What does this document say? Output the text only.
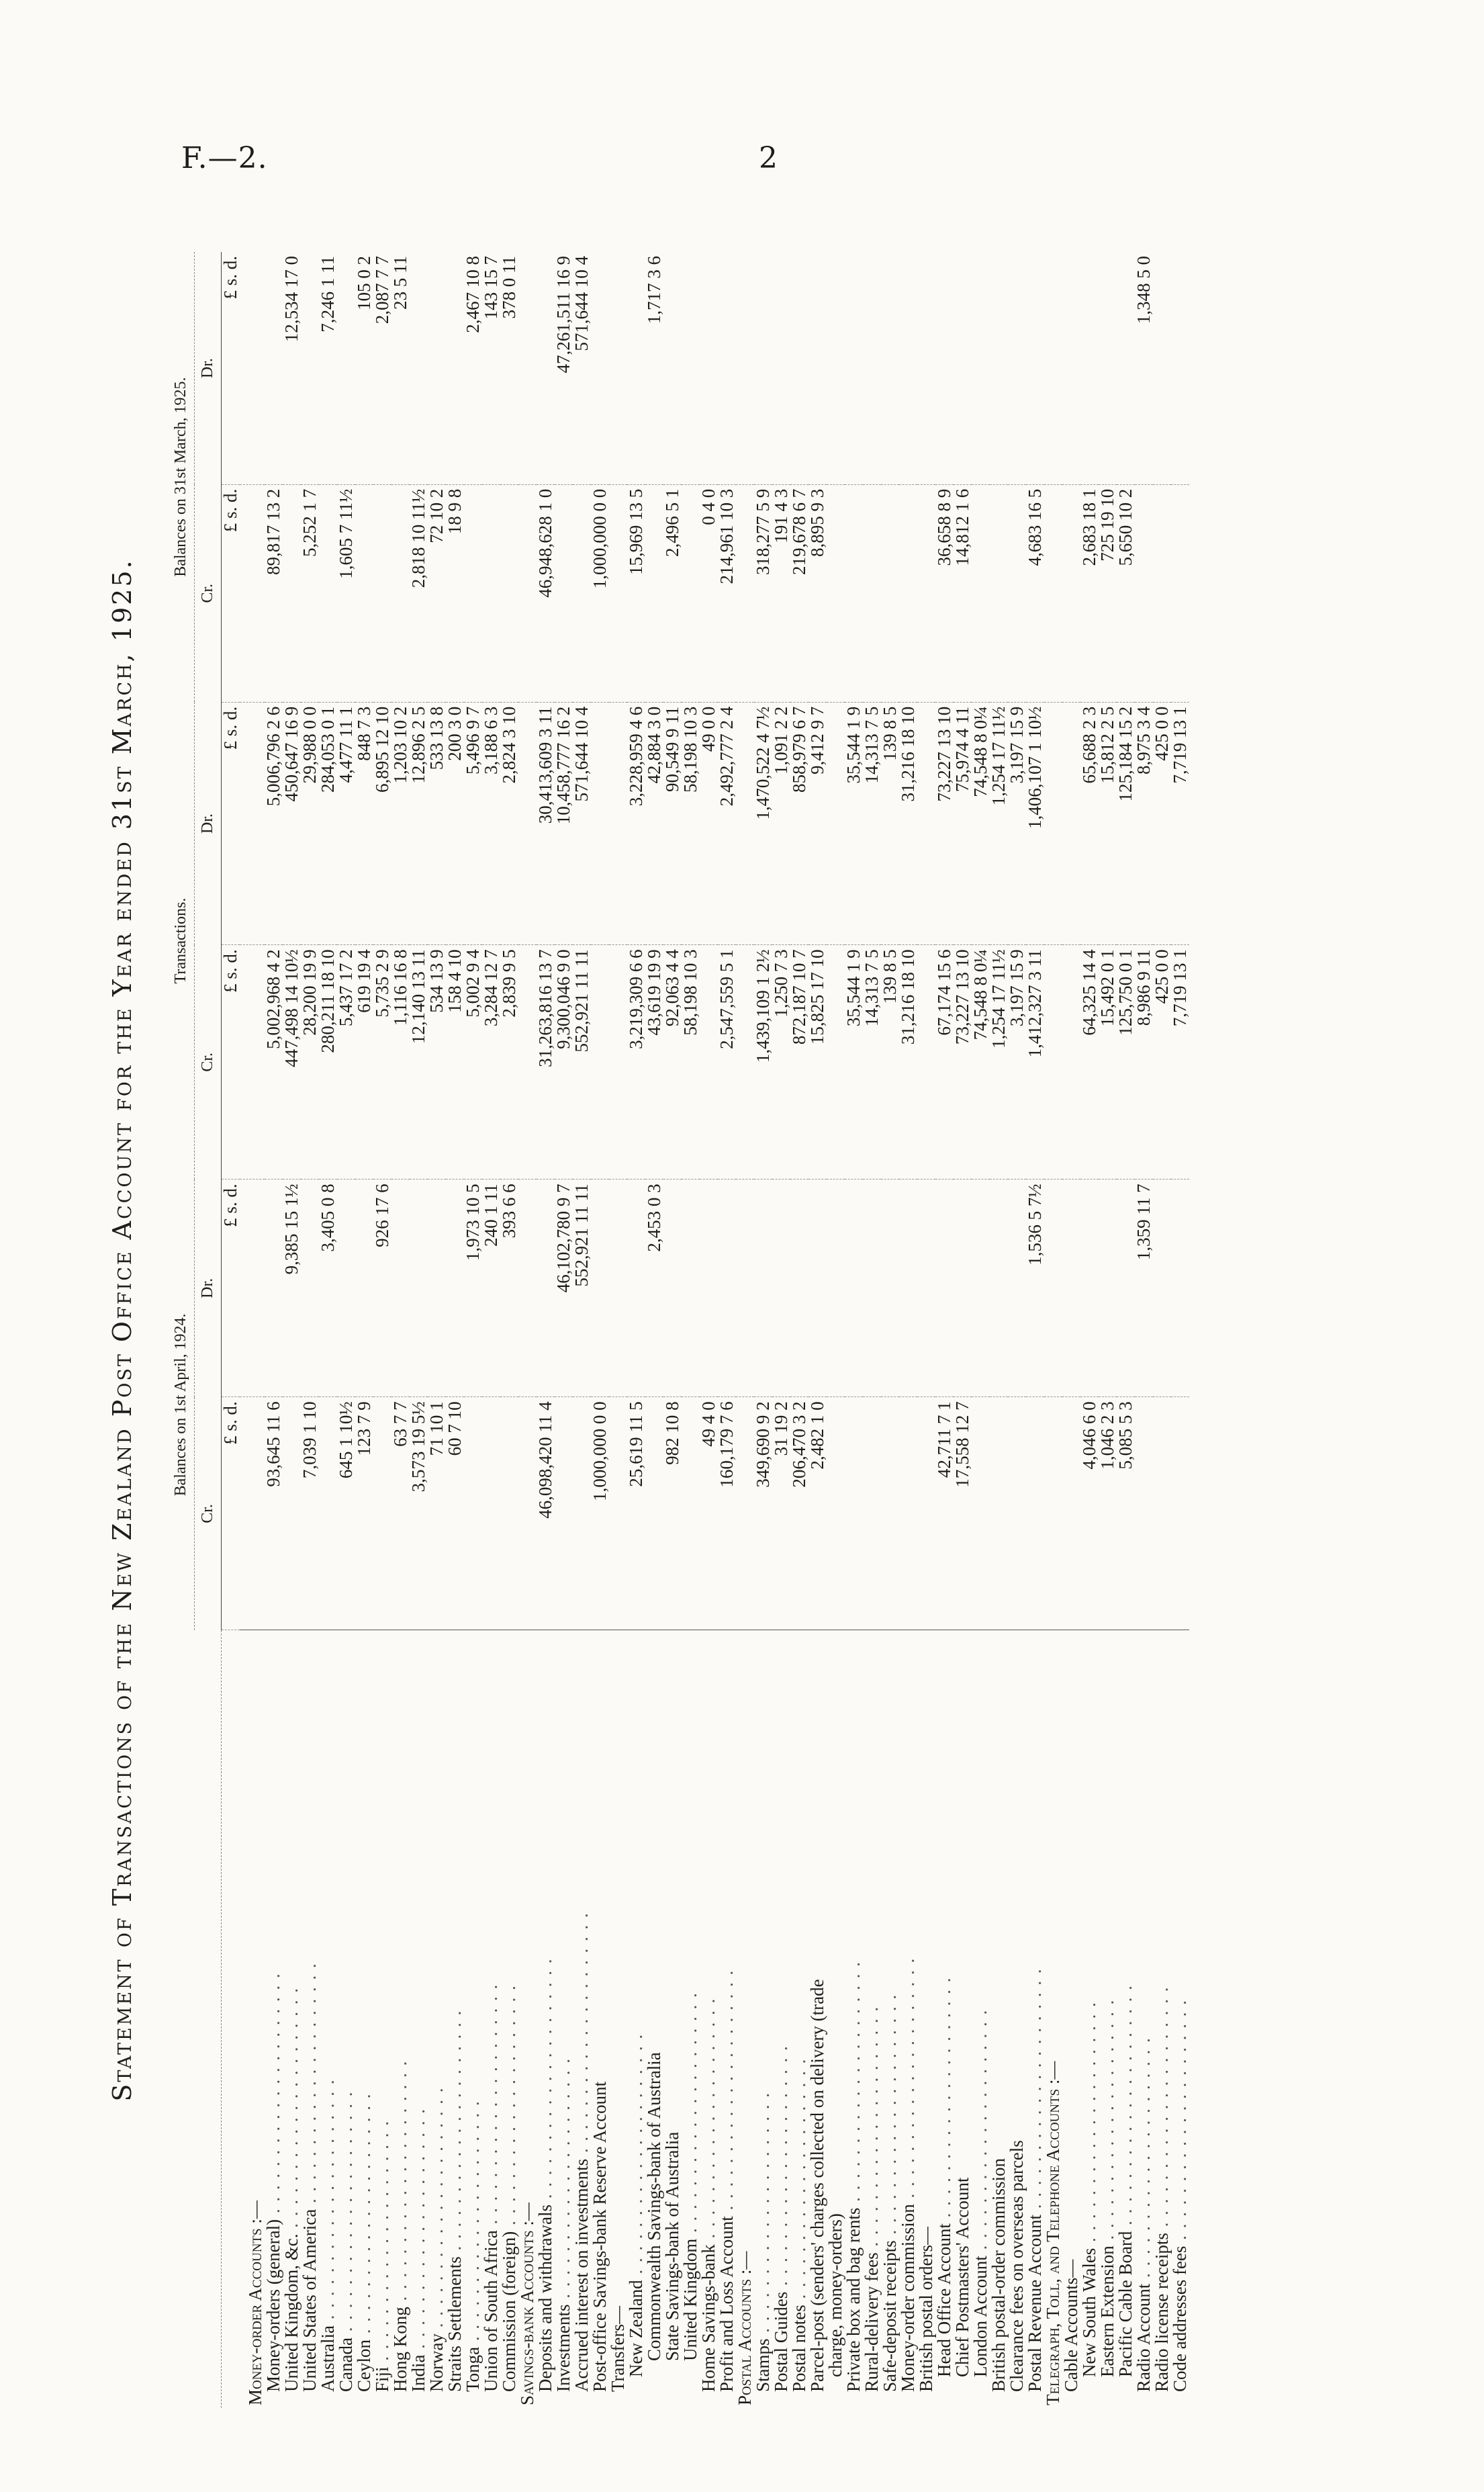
F.—2.	2
Statement of Transactions of the New Zealand Post Office Account for the Year ended 31st March, 1925.
	Balances on 1st April, 1924.		Transactions.		Balances on 31st March, 1925.	
	Cr.	Dr.	Cr.	Dr.	Cr.	Dr.
	£ s. d.	£ s. d.	£ s. d.	£ s. d.	£ s. d.	£ s. d.
Money-order Accounts :—						
Money-orders (general) . . .	93,645 11 6		5,002,968 4 2	5,006,796 2 6	89,817 13 2	
United Kingdom, &c. . . .		9,385 15 1½	447,498 14 10½	450,647 16 9		12,534 17 0
United States of America . . .	7,039 1 10		28,200 19 9	29,988 0 0	5,252 1 7	
Australia . . .		3,405 0 8	280,211 18 10	284,053 0 1		7,246 1 11
Canada . . .	645 1 10½		5,437 17 2	4,477 11 1	1,605 7 11½	
Ceylon . . .	123 7 9		619 19 4	848 7 3		105 0 2
Fiji . . .		926 17 6	5,735 2 9	6,895 12 10		2,087 7 7
Hong Kong . . .	63 7 7		1,116 16 8	1,203 10 2		23 5 11
India . . .	3,573 19 5½		12,140 13 11	12,896 2 5	2,818 10 11½	
Norway . . .	71 10 1		534 13 9	533 13 8	72 10 2	
Straits Settlements . . .	60 7 10		158 4 10	200 3 0	18 9 8	
Tonga . . .		1,973 10 5	5,002 9 4	5,496 9 7		2,467 10 8
Union of South Africa . . .		240 1 11	3,284 12 7	3,188 6 3		143 15 7
Commission (foreign) . . .		393 6 6	2,839 9 5	2,824 3 10		378 0 11
Savings-bank Accounts :—						
Deposits and withdrawals . . .	46,098,420 11 4		31,263,816 13 7	30,413,609 3 11	46,948,628 1 0	
Investments . . .		46,102,780 9 7	9,300,046 9 0	10,458,777 16 2		47,261,511 16 9
Accrued interest on investments . . .		552,921 11 11	552,921 11 11	571,644 10 4		571,644 10 4
Post-office Savings-bank Reserve Account	1,000,000 0 0				1,000,000 0 0	
Transfers—						
New Zealand . . .	25,619 11 5		3,219,309 6 6	3,228,959 4 6	15,969 13 5	
Commonwealth Savings-bank of Australia		2,453 0 3	43,619 19 9	42,884 3 0		1,717 3 6
State Savings-bank of Australia	982 10 8		92,063 4 4	90,549 9 11	2,496 5 1	
United Kingdom . . .			58,198 10 3	58,198 10 3		
Home Savings-bank . . .	49 4 0			49 0 0	0 4 0	
Profit and Loss Account . . .	160,179 7 6		2,547,559 5 1	2,492,777 2 4	214,961 10 3	
Postal Accounts :—						
Stamps . . .	349,690 9 2		1,439,109 1 2½	1,470,522 4 7½	318,277 5 9	
Postal Guides . . .	31 19 2		1,250 7 3	1,091 2 2	191 4 3	
Postal notes . . .	206,470 3 2		872,187 10 7	858,979 6 7	219,678 6 7	
Parcel-post (senders' charges collected on delivery (trade	2,482 1 0		15,825 17 10	9,412 9 7	8,895 9 3	
charge, money-orders)						
Private box and bag rents . . .			35,544 1 9	35,544 1 9		
Rural-delivery fees . . .			14,313 7 5	14,313 7 5		
Safe-deposit receipts . . .			139 8 5	139 8 5		
Money-order commission . . .			31,216 18 10	31,216 18 10		
British postal orders—						
Head Office Account . . .	42,711 7 1		67,174 15 6	73,227 13 10	36,658 8 9	
Chief Postmasters' Account	17,558 12 7		73,227 13 10	75,974 4 11	14,812 1 6	
London Account . . .			74,548 8 0¼	74,548 8 0¼		
British postal-order commission			1,254 17 11½	1,254 17 11½		
Clearance fees on overseas parcels			3,197 15 9	3,197 15 9		
Postal Revenue Account . . .		1,536 5 7½	1,412,327 3 11	1,406,107 1 10½	4,683 16 5	
Telegraph, Toll, and Telephone Accounts :—						
Cable Accounts—						
New South Wales . . .	4,046 6 0		64,325 14 4	65,688 2 3	2,683 18 1	
Eastern Extension . . .	1,046 2 3		15,492 0 1	15,812 2 5	725 19 10	
Pacific Cable Board . . .	5,085 5 3		125,750 0 1	125,184 15 2	5,650 10 2	
Radio Account . . .		1,359 11 7	8,986 9 11	8,975 3 4		1,348 5 0
Radio license receipts . . .			425 0 0	425 0 0		
Code addresses fees . . .			7,719 13 1	7,719 13 1		
